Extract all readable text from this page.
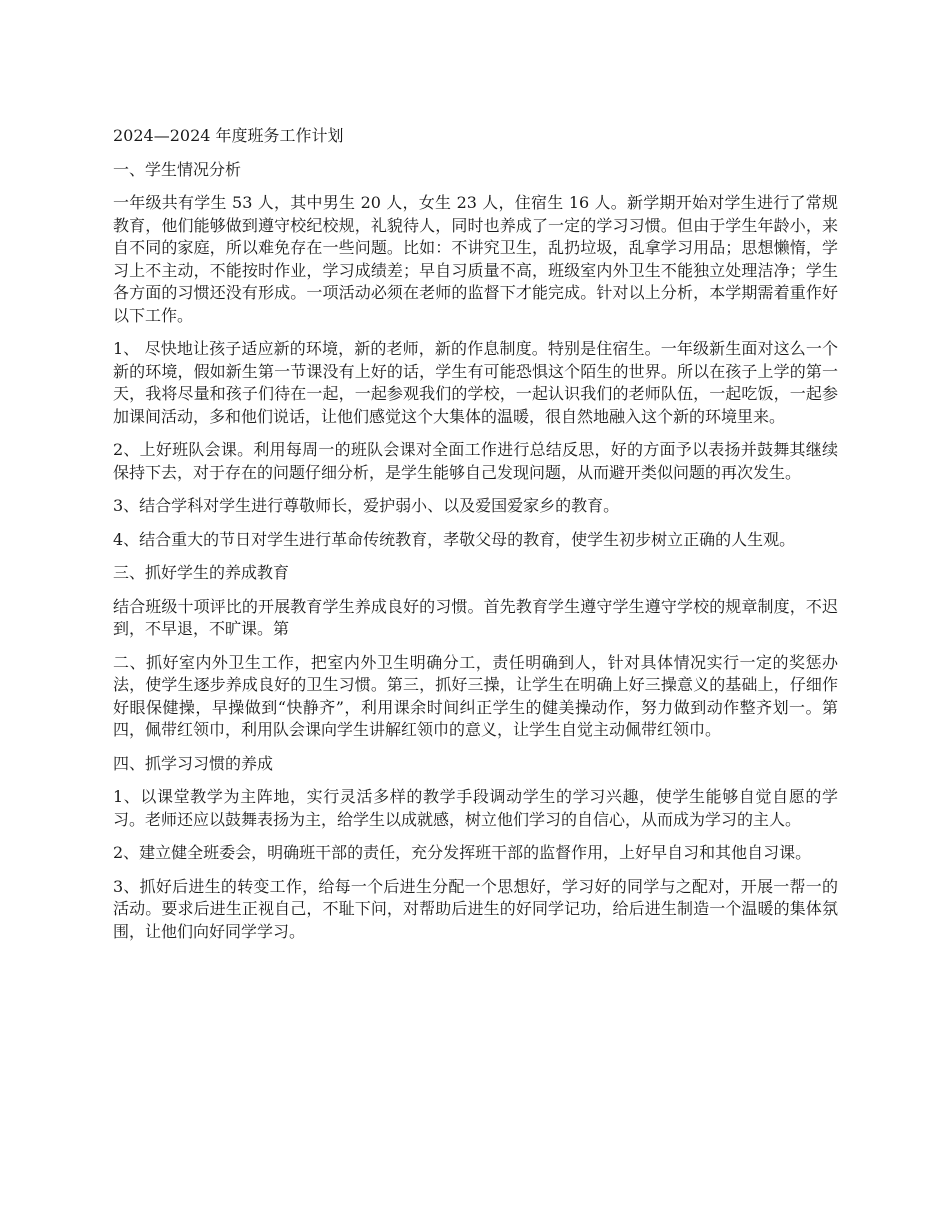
2024—2024 年度班务工作计划

一、学生情况分析

一年级共有学生 53 人，其中男生 20 人，女生 23 人，住宿生 16 人。新学期开始对学生进行了常规教育，他们能够做到遵守校纪校规，礼貌待人，同时也养成了一定的学习习惯。但由于学生年龄小，来自不同的家庭，所以难免存在一些问题。比如：不讲究卫生，乱扔垃圾，乱拿学习用品；思想懒惰，学习上不主动，不能按时作业，学习成绩差；早自习质量不高，班级室内外卫生不能独立处理洁净；学生各方面的习惯还没有形成。一项活动必须在老师的监督下才能完成。针对以上分析，本学期需着重作好以下工作。

1、 尽快地让孩子适应新的环境，新的老师，新的作息制度。特别是住宿生。一年级新生面对这么一个新的环境，假如新生第一节课没有上好的话，学生有可能恐惧这个陌生的世界。所以在孩子上学的第一天，我将尽量和孩子们待在一起，一起参观我们的学校，一起认识我们的老师队伍，一起吃饭，一起参加课间活动，多和他们说话，让他们感觉这个大集体的温暖，很自然地融入这个新的环境里来。

2、上好班队会课。利用每周一的班队会课对全面工作进行总结反思，好的方面予以表扬并鼓舞其继续保持下去，对于存在的问题仔细分析，是学生能够自己发现问题，从而避开类似问题的再次发生。

3、结合学科对学生进行尊敬师长，爱护弱小、以及爱国爱家乡的教育。

4、结合重大的节日对学生进行革命传统教育，孝敬父母的教育，使学生初步树立正确的人生观。

三、抓好学生的养成教育

结合班级十项评比的开展教育学生养成良好的习惯。首先教育学生遵守学生遵守学校的规章制度，不迟到，不早退，不旷课。第

二、抓好室内外卫生工作，把室内外卫生明确分工，责任明确到人，针对具体情况实行一定的奖惩办法，使学生逐步养成良好的卫生习惯。第三，抓好三操，让学生在明确上好三操意义的基础上，仔细作好眼保健操，早操做到“快静齐”，利用课余时间纠正学生的健美操动作，努力做到动作整齐划一。第四，佩带红领巾，利用队会课向学生讲解红领巾的意义，让学生自觉主动佩带红领巾。

四、抓学习习惯的养成

1、以课堂教学为主阵地，实行灵活多样的教学手段调动学生的学习兴趣，使学生能够自觉自愿的学习。老师还应以鼓舞表扬为主，给学生以成就感，树立他们学习的自信心，从而成为学习的主人。

2、建立健全班委会，明确班干部的责任，充分发挥班干部的监督作用，上好早自习和其他自习课。

3、抓好后进生的转变工作，给每一个后进生分配一个思想好，学习好的同学与之配对，开展一帮一的活动。要求后进生正视自己，不耻下问，对帮助后进生的好同学记功，给后进生制造一个温暖的集体氛围，让他们向好同学学习。
